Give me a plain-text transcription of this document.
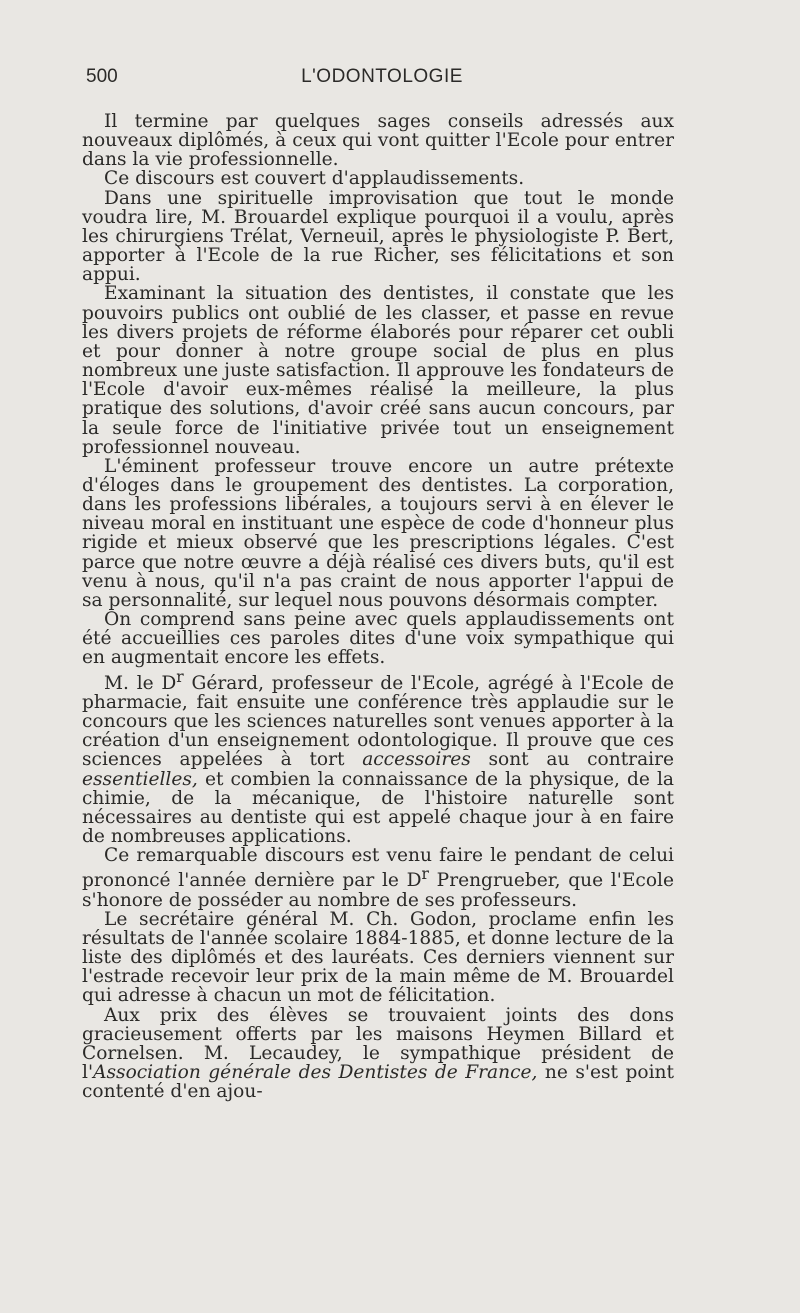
500	L'ODONTOLOGIE

Il termine par quelques sages conseils adressés aux nouveaux diplômés, à ceux qui vont quitter l'Ecole pour entrer dans la vie professionnelle.

Ce discours est couvert d'applaudissements.

Dans une spirituelle improvisation que tout le monde voudra lire, M. Brouardel explique pourquoi il a voulu, après les chirurgiens Trélat, Verneuil, après le physiologiste P. Bert, apporter à l'Ecole de la rue Richer, ses félicitations et son appui.

Examinant la situation des dentistes, il constate que les pouvoirs publics ont oublié de les classer, et passe en revue les divers projets de réforme élaborés pour réparer cet oubli et pour donner à notre groupe social de plus en plus nombreux une juste satisfaction. Il approuve les fondateurs de l'Ecole d'avoir eux-mêmes réalisé la meilleure, la plus pratique des solutions, d'avoir créé sans aucun concours, par la seule force de l'initiative privée tout un enseignement professionnel nouveau.

L'éminent professeur trouve encore un autre prétexte d'éloges dans le groupement des dentistes. La corporation, dans les professions libérales, a toujours servi à en élever le niveau moral en instituant une espèce de code d'honneur plus rigide et mieux observé que les prescriptions légales. C'est parce que notre œuvre a déjà réalisé ces divers buts, qu'il est venu à nous, qu'il n'a pas craint de nous apporter l'appui de sa personnalité, sur lequel nous pouvons désormais compter.

On comprend sans peine avec quels applaudissements ont été accueillies ces paroles dites d'une voix sympathique qui en augmentait encore les effets.

M. le $D^r$ Gérard, professeur de l'Ecole, agrégé à l'Ecole de pharmacie, fait ensuite une conférence très applaudie sur le concours que les sciences naturelles sont venues apporter à la création d'un enseignement odontologique. Il prouve que ces sciences appelées à tort accessoires sont au contraire essentielles, et combien la connaissance de la physique, de la chimie, de la mécanique, de l'histoire naturelle sont nécessaires au dentiste qui est appelé chaque jour à en faire de nombreuses applications.

Ce remarquable discours est venu faire le pendant de celui prononcé l'année dernière par le $D^r$ Prengrueber, que l'Ecole s'honore de posséder au nombre de ses professeurs.

Le secrétaire général M. Ch. Godon, proclame enfin les résultats de l'année scolaire 1884-1885, et donne lecture de la liste des diplômés et des lauréats. Ces derniers viennent sur l'estrade recevoir leur prix de la main même de M. Brouardel qui adresse à chacun un mot de félicitation.

Aux prix des élèves se trouvaient joints des dons gracieusement offerts par les maisons Heymen Billard et Cornelsen. M. Lecaudey, le sympathique président de l'Association générale des Dentistes de France, ne s'est point contenté d'en ajou-
